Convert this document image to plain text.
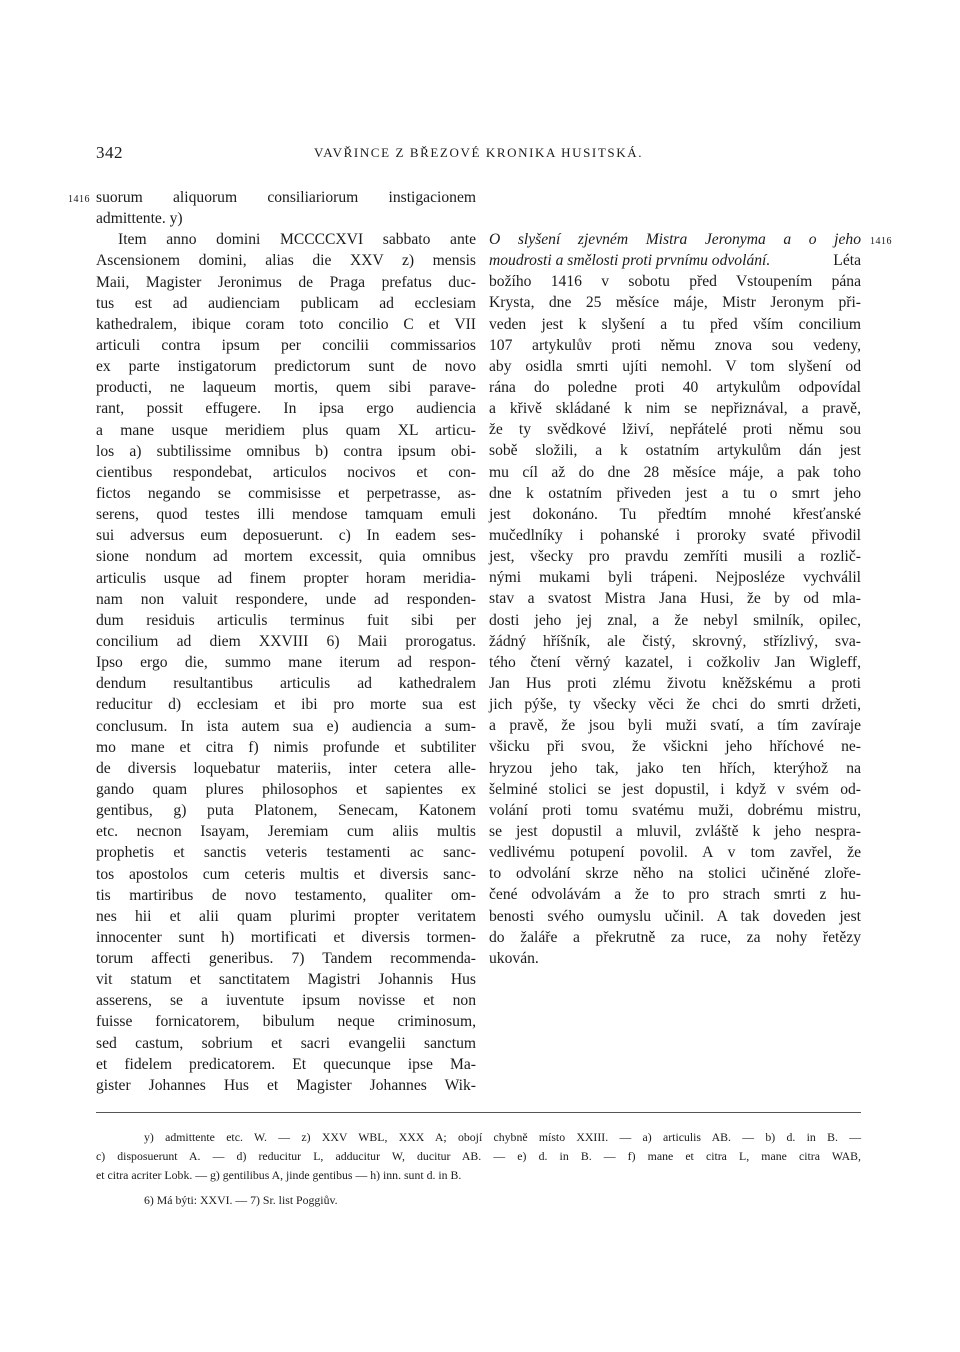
342	VAVŘINCE Z BŘEZOVÉ KRONIKA HUSITSKÁ.
1416
1416
suorum aliquorum consiliariorum instigacionem
admittente. y)
Item anno domini MCCCCXVI sabbato ante
Ascensionem domini, alias die XXV z) mensis
Maii, Magister Jeronimus de Praga prefatus duc-
tus est ad audienciam publicam ad ecclesiam
kathedralem, ibique coram toto concilio C et VII
articuli contra ipsum per concilii commissarios
ex parte instigatorum predictorum sunt de novo
producti, ne laqueum mortis, quem sibi parave-
rant, possit effugere. In ipsa ergo audiencia
a mane usque meridiem plus quam XL articu-
los a) subtilissime omnibus b) contra ipsum obi-
cientibus respondebat, articulos nocivos et con-
fictos negando se commisisse et perpetrasse, as-
serens, quod testes illi mendose tamquam emuli
sui adversus eum deposuerunt. c) In eadem ses-
sione nondum ad mortem excessit, quia omnibus
articulis usque ad finem propter horam meridia-
nam non valuit respondere, unde ad responden-
dum residuis articulis terminus fuit sibi per
concilium ad diem XXVIII 6) Maii prorogatus.
Ipso ergo die, summo mane iterum ad respon-
dendum resultantibus articulis ad kathedralem
reducitur d) ecclesiam et ibi pro morte sua est
conclusum. In ista autem sua e) audiencia a sum-
mo mane et citra f) nimis profunde et subtiliter
de diversis loquebatur materiis, inter cetera alle-
gando quam plures philosophos et sapientes ex
gentibus, g) puta Platonem, Senecam, Katonem
etc. necnon Isayam, Jeremiam cum aliis multis
prophetis et sanctis veteris testamenti ac sanc-
tos apostolos cum ceteris multis et diversis sanc-
tis martiribus de novo testamento, qualiter om-
nes hii et alii quam plurimi propter veritatem
innocenter sunt h) mortificati et diversis tormen-
torum affecti generibus. 7) Tandem recommenda-
vit statum et sanctitatem Magistri Johannis Hus
asserens, se a iuventute ipsum novisse et non
fuisse fornicatorem, bibulum neque criminosum,
sed castum, sobrium et sacri evangelii sanctum
et fidelem predicatorem. Et quecunque ipse Ma-
gister Johannes Hus et Magister Johannes Wik-
O slyšení zjevném Mistra Jeronyma a o jeho
moudrosti a smělosti proti prvnímu odvolání.	Léta
božího 1416 v sobotu před Vstoupením pána
Krysta, dne 25 měsíce máje, Mistr Jeronym při-
veden jest k slyšení a tu před vším concilium
107 artykulův proti němu znova sou vedeny,
aby osidla smrti ujíti nemohl. V tom slyšení od
rána do poledne proti 40 artykulům odpovídal
a křivě skládané k nim se nepřiznával, a pravě,
že ty svědkové lživí, nepřátelé proti němu sou
sobě složili, a k ostatním artykulům dán jest
mu cíl až do dne 28 měsíce máje, a pak toho
dne k ostatním přiveden jest a tu o smrt jeho
jest dokonáno. Tu předtím mnohé křesťanské
mučedlníky i pohanské i proroky svaté přivodil
jest, všecky pro pravdu zemříti musili a rozlič-
nými mukami byli trápeni. Nejposléze vychválil
stav a svatost Mistra Jana Husi, že by od mla-
dosti jeho jej znal, a že nebyl smilník, opilec,
žádný hříšník, ale čistý, skrovný, střízlivý, sva-
tého čtení věrný kazatel, i cožkoliv Jan Wigleff,
Jan Hus proti zlému životu kněžskému a proti
jich pýše, ty všecky věci že chci do smrti držeti,
a pravě, že jsou byli muži svatí, a tím zavíraje
všicku při svou, že všickni jeho hříchové ne-
hryzou jeho tak, jako ten hřích, kterýhož na
šelminé stolici se jest dopustil, i když v svém od-
volání proti tomu svatému muži, dobrému mistru,
se jest dopustil a mluvil, zvláště k jeho nespra-
vedlivému potupení povolil. A v tom zavřel, že
to odvolání skrze něho na stolici učiněné zloře-
čené odvolávám a že to pro strach smrti z hu-
benosti svého oumyslu učinil. A tak doveden jest
do žaláře a překrutně za ruce, za nohy řetězy
ukován.
y) admittente etc. W. — z) XXV WBL, XXX A; obojí chybně místo XXIII. — a) articulis AB. — b) d. in B. —
c) disposuerunt A. — d) reducitur L, adducitur W, ducitur AB. — e) d. in B. — f) mane et citra L, mane citra WAB,
et citra acriter Lobk. — g) gentilibus A, jinde gentibus — h) inn. sunt d. in B.
6) Má býti: XXVI. — 7) Sr. list Poggiův.
